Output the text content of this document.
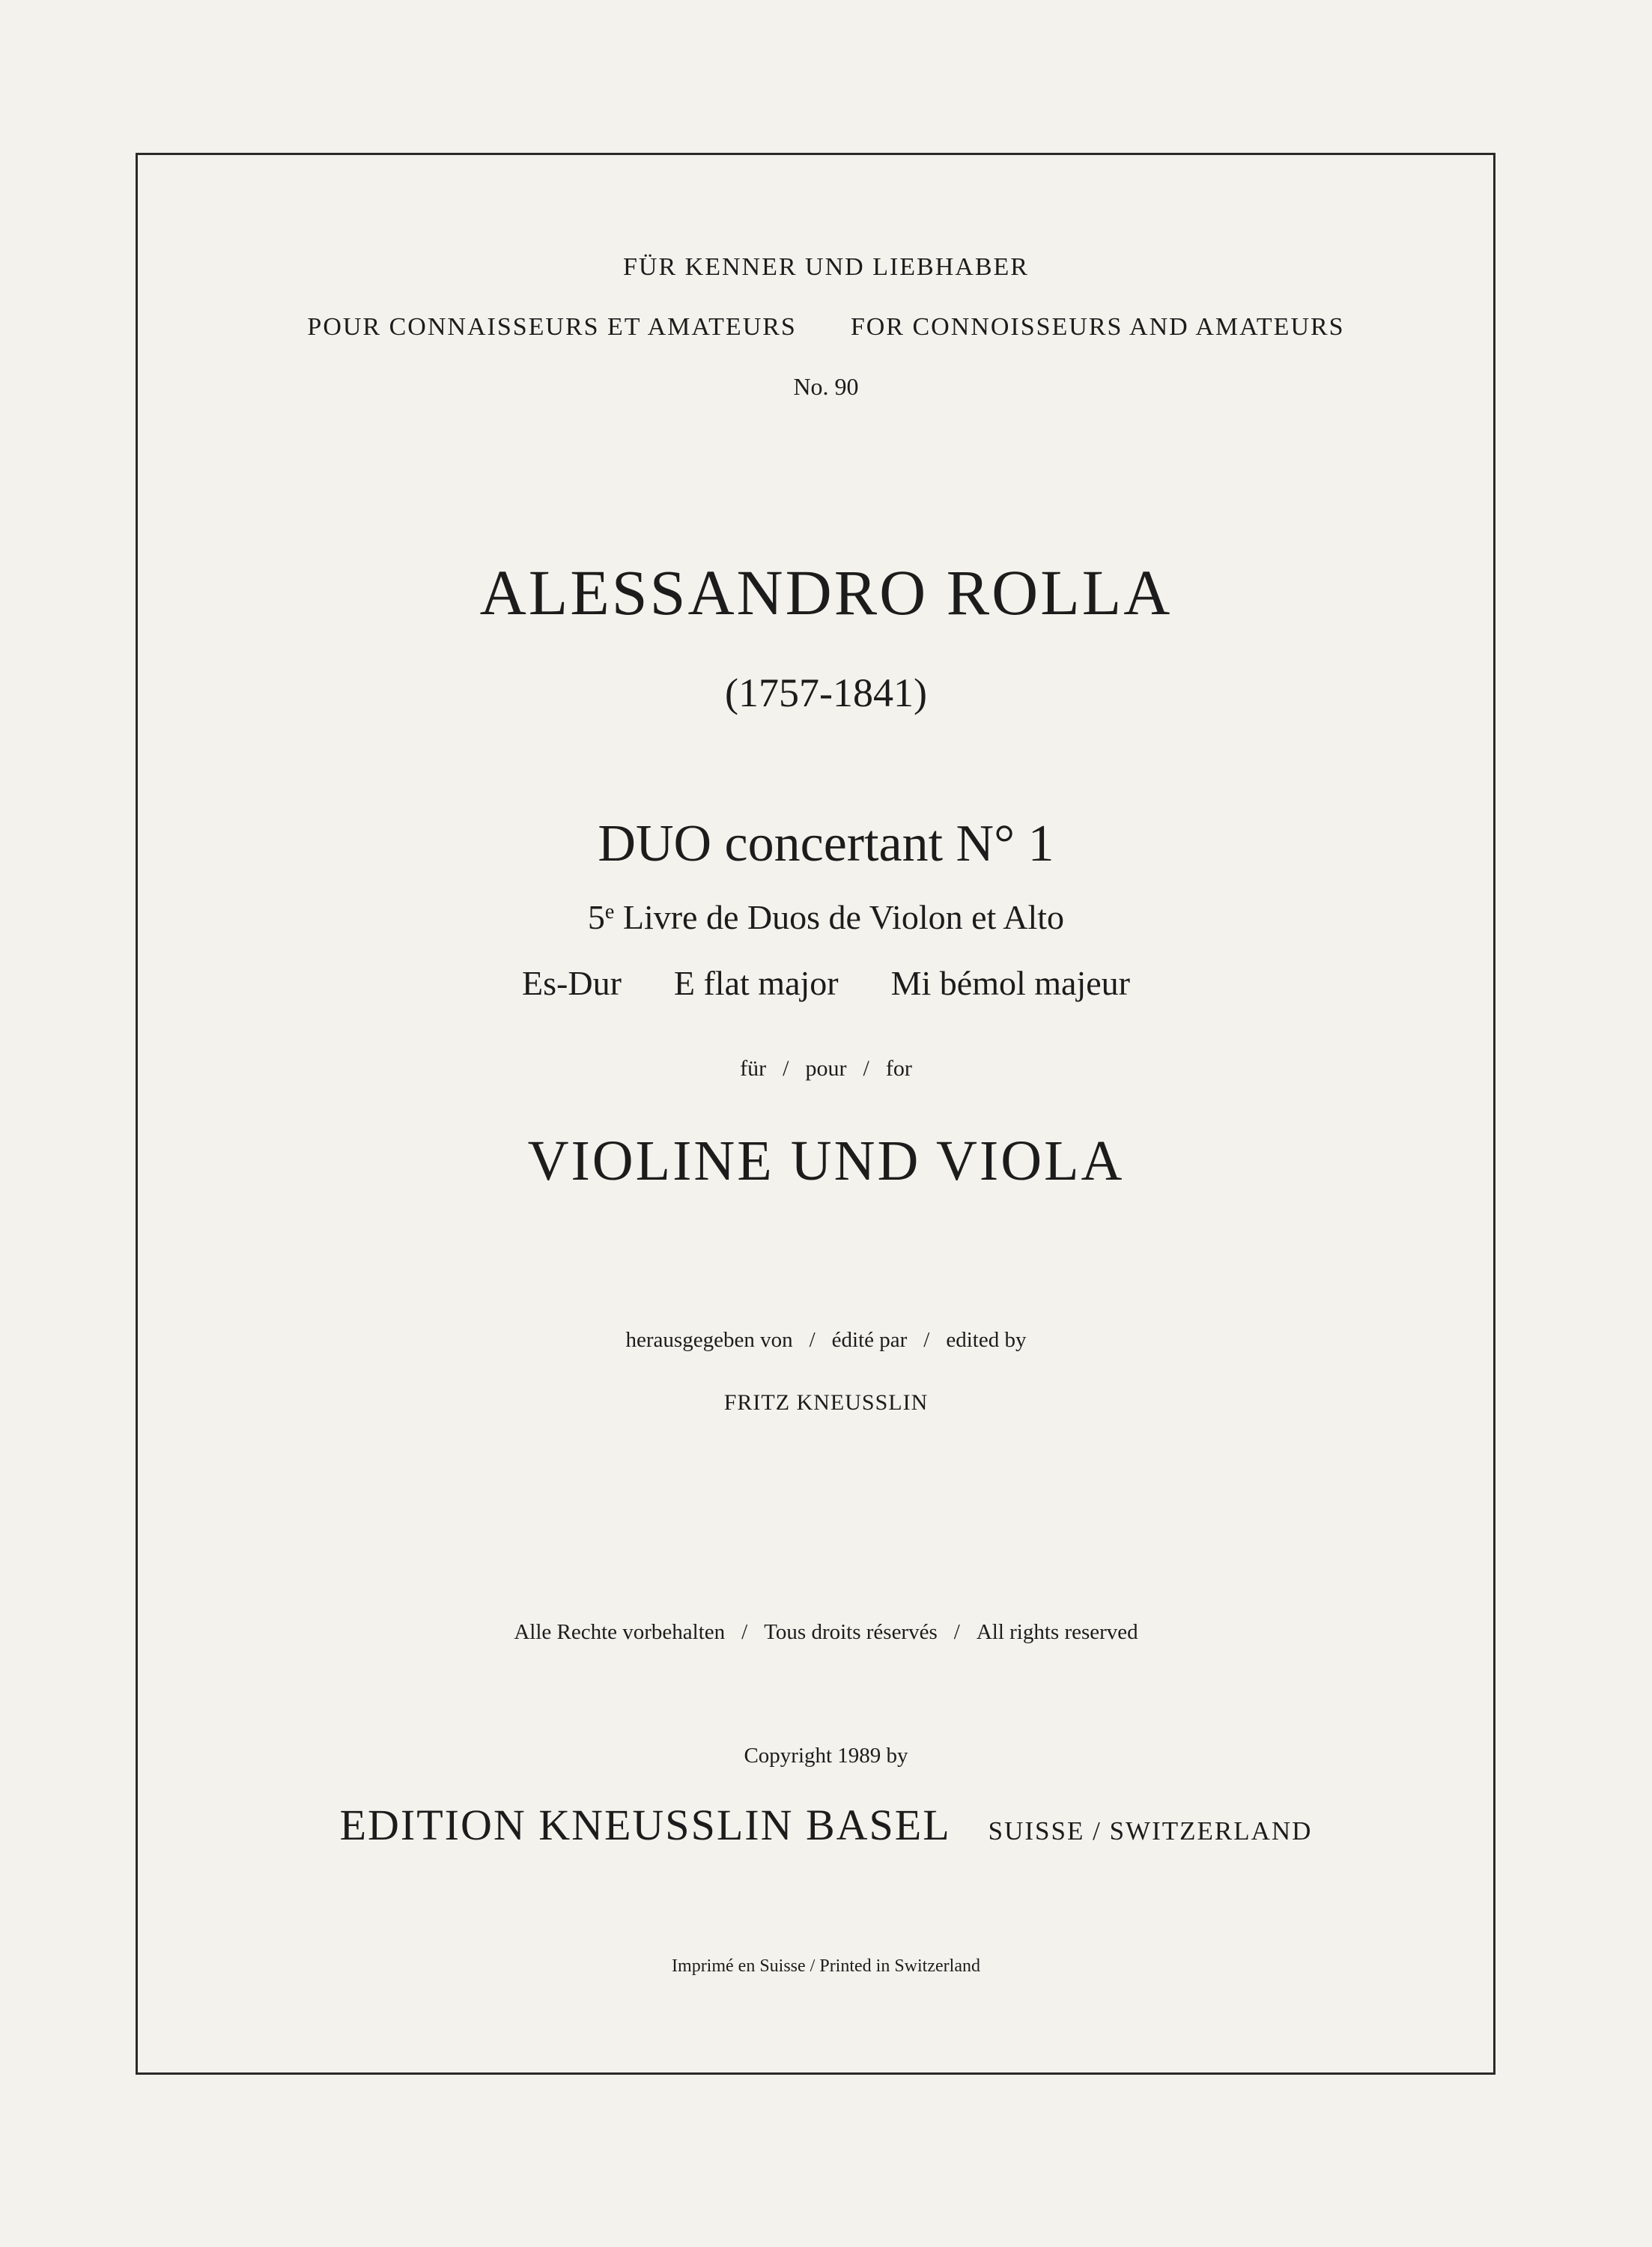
FÜR KENNER UND LIEBHABER
POUR CONNAISSEURS ET AMATEURS FOR CONNOISSEURS AND AMATEURS
No. 90
ALESSANDRO ROLLA
(1757-1841)
DUO concertant N° 1
5e Livre de Duos de Violon et Alto
Es-Dur E flat major Mi bémol majeur
für / pour / for
VIOLINE UND VIOLA
herausgegeben von / édité par / edited by
FRITZ KNEUSSLIN
Alle Rechte vorbehalten / Tous droits réservés / All rights reserved
Copyright 1989 by
EDITION KNEUSSLIN BASEL SUISSE / SWITZERLAND
Imprimé en Suisse / Printed in Switzerland
